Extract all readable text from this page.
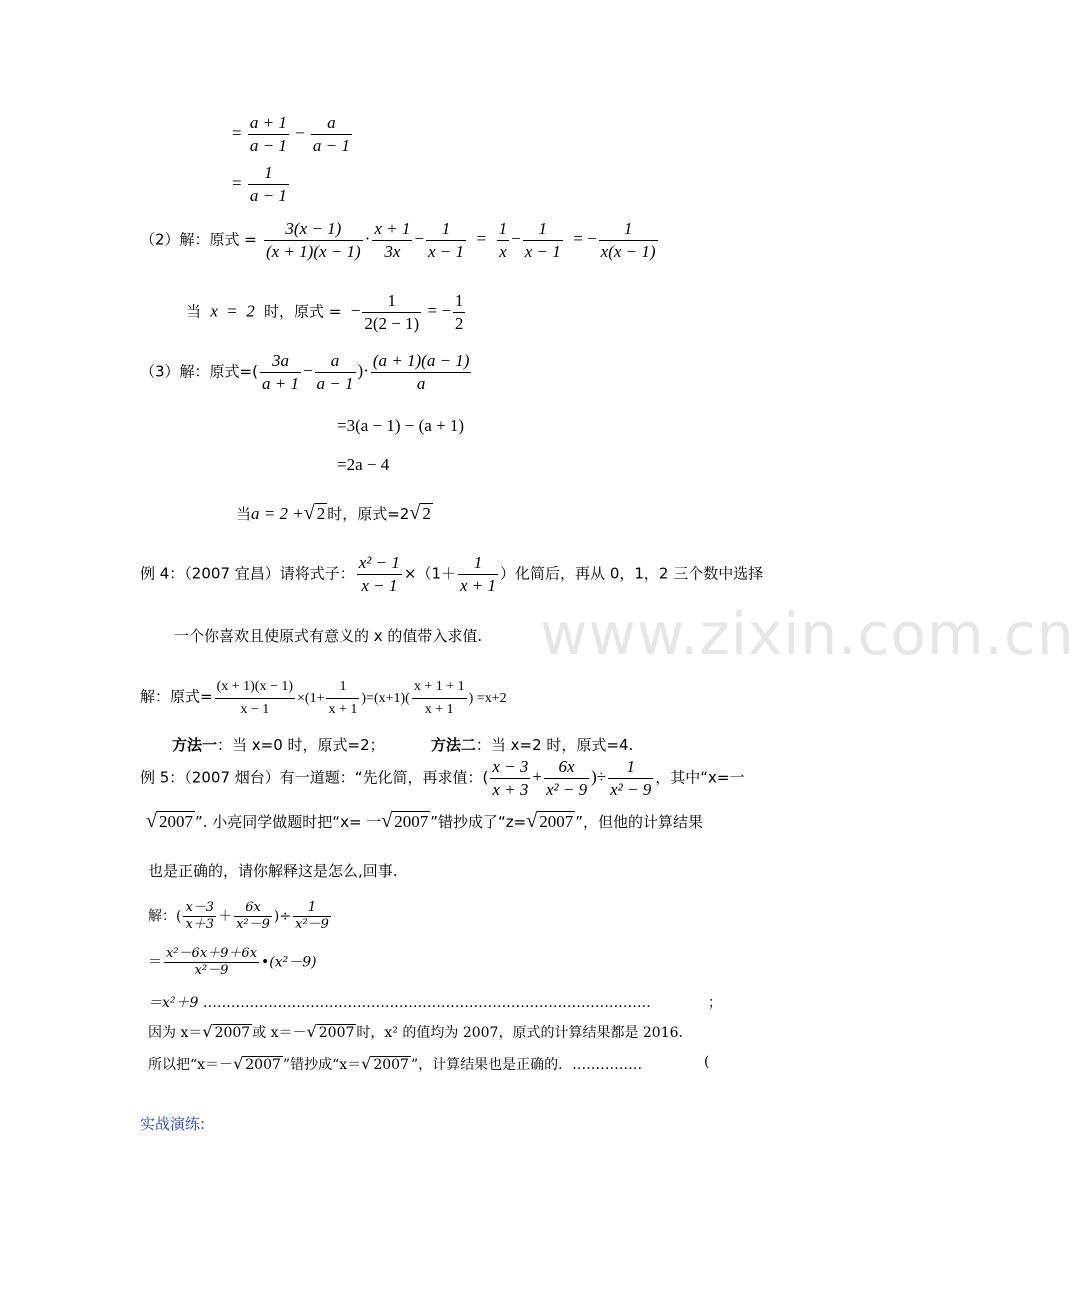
www.zixin.com.cn
= $\frac{a + 1}{a - 1} - \frac{a}{a - 1}$
= $\frac{1}{a - 1}$
（2）解：原式 = $\frac{3(x - 1)}{(x + 1)(x - 1)} \cdot \frac{x + 1}{3x} - \frac{1}{x - 1} = \frac{1}{x} - \frac{1}{x - 1}$ = − $\frac{1}{x(x - 1)}$
当 x = 2 时，原式 =  − $\frac{1}{2(2 - 1)}$ = − $\frac{1}{2}$
（3）解：原式=( $\frac{3a}{a + 1} - \frac{a}{a - 1}$ )· $\frac{(a + 1)(a - 1)}{a}$
=3(a − 1) − (a + 1)
=2a − 4
当a = 2 +√ 2 时，原式=2√ 2
例 4：（2007 宜昌）请将式子： $\frac{\text{x² − 1}}{x - 1} \times(1+ \frac{1}{x + 1}$ ）化简后，再从 0，1，2 三个数中选择
一个你喜欢且使原式有意义的 x 的值带入求值.
解：原式= $\frac{(x + 1)(x - 1)}{x - 1} \times(1+ \frac{1}{x + 1} )=(x+1)( \frac{x + 1 + 1}{x + 1}$ ) =x+2
方法一：当 x=0 时，原式=2；	方法二：当 x=2 时，原式=4.
例 5：（2007 烟台）有一道题：“先化简，再求值：( $\frac{x - 3}{x + 3} + \frac{6x}{\text{x² − 9}}$ )÷ $\frac{1}{\text{x² − 9}}$ ，其中“x=一
√ 2007 ”. 小亮同学做题时把“x= 一√ 2007 ”错抄成了“z=√ 2007 ”，但他的计算结果
也是正确的，请你解释这是怎么,回事.
解：( $\frac{x-3}{x+3} + \frac{6x}{\text{x²－9}}$ )÷ $\frac{1}{\text{x²－9}}$
＝ $\frac{\text{x²－6x＋9＋6x}}{\text{x²－9}}$ •(x²－9)
＝x²＋9 ……………………………………………………………………………………	；
因为 x＝√ 2007 或 x＝－√ 2007 时，x² 的值均为 2007，原式的计算结果都是 2016.
所以把“x＝－√ 2007 ”错抄成“x＝√ 2007 ”，计算结果也是正确的．……………	(
实战演练:
